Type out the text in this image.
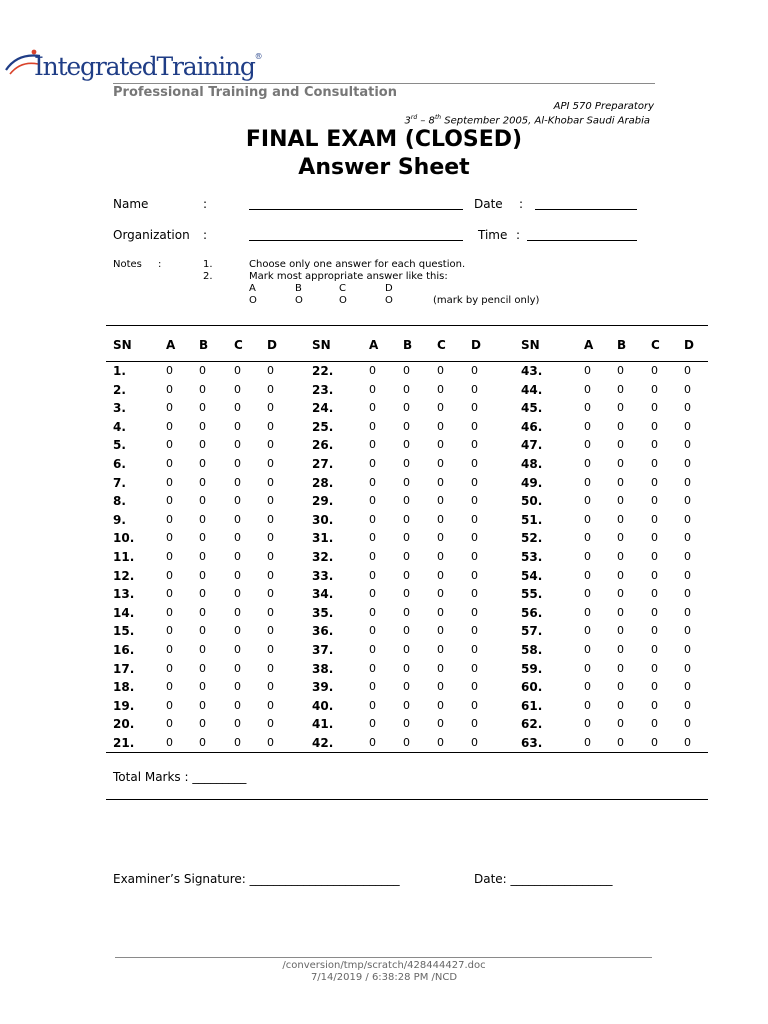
IntegratedTraining®
Professional Training and Consultation
API 570 Preparatory
3rd – 8th September 2005, Al-Khobar Saudi Arabia
FINAL EXAM (CLOSED)
Answer Sheet
Name	:	Date :
Organization :	Time :
Notes :	1.	Choose only one answer for each question.
2.	Mark most appropriate answer like this:
A	B	C	D
O	O	O	O	(mark by pencil only)
SN	A B C D
1.	0 0	0 0
2.	0 0	0 0
3.	0 0	0 0
4.	0 0	0 0
5.	0 0	0 0
6.	0 0	0 0
7.	0 0	0 0
8.	0 0	0 0
9.	0 0	0 0
10.	0 0	0 0
11.	0 0	0 0
12.	0 0	0 0
13.	0 0	0 0
14.	0 0	0 0
15.	0 0	0 0
16.	0 0	0 0
17.	0 0	0 0
18.	0 0	0 0
19.	0 0	0 0
20.	0 0	0 0
21.	0 0	0 0
SN	A B C D
22.	0 0 0 0
23.	0 0 0 0
24.	0 0 0 0
25.	0 0 0 0
26.	0 0 0 0
27.	0 0 0 0
28.	0 0 0 0
29.	0 0 0 0
30.	0 0 0 0
31.	0 0 0 0
32.	0 0 0 0
33.	0 0 0 0
34.	0 0 0 0
35.	0 0 0 0
36.	0 0 0 0
37.	0 0 0 0
38.	0 0 0 0
39.	0 0 0 0
40.	0 0 0 0
41.	0 0 0 0
42.	0 0 0 0
SN	A B C D
43.	0 0 0 0
44.	0 0 0 0
45.	0 0 0 0
46.	0 0 0 0
47.	0 0 0 0
48.	0 0 0 0
49.	0 0 0 0
50.	0 0 0 0
51.	0 0 0 0
52.	0 0 0 0
53.	0 0 0 0
54.	0 0 0 0
55.	0 0 0 0
56.	0 0 0 0
57.	0 0 0 0
58.	0 0 0 0
59.	0 0 0 0
60.	0 0 0 0
61.	0 0 0 0
62.	0 0 0 0
63.	0 0 0 0
Total Marks : _________
Examiner’s Signature: _________________________	Date: _________________
/conversion/tmp/scratch/428444427.doc
7/14/2019 / 6:38:28 PM /NCD
